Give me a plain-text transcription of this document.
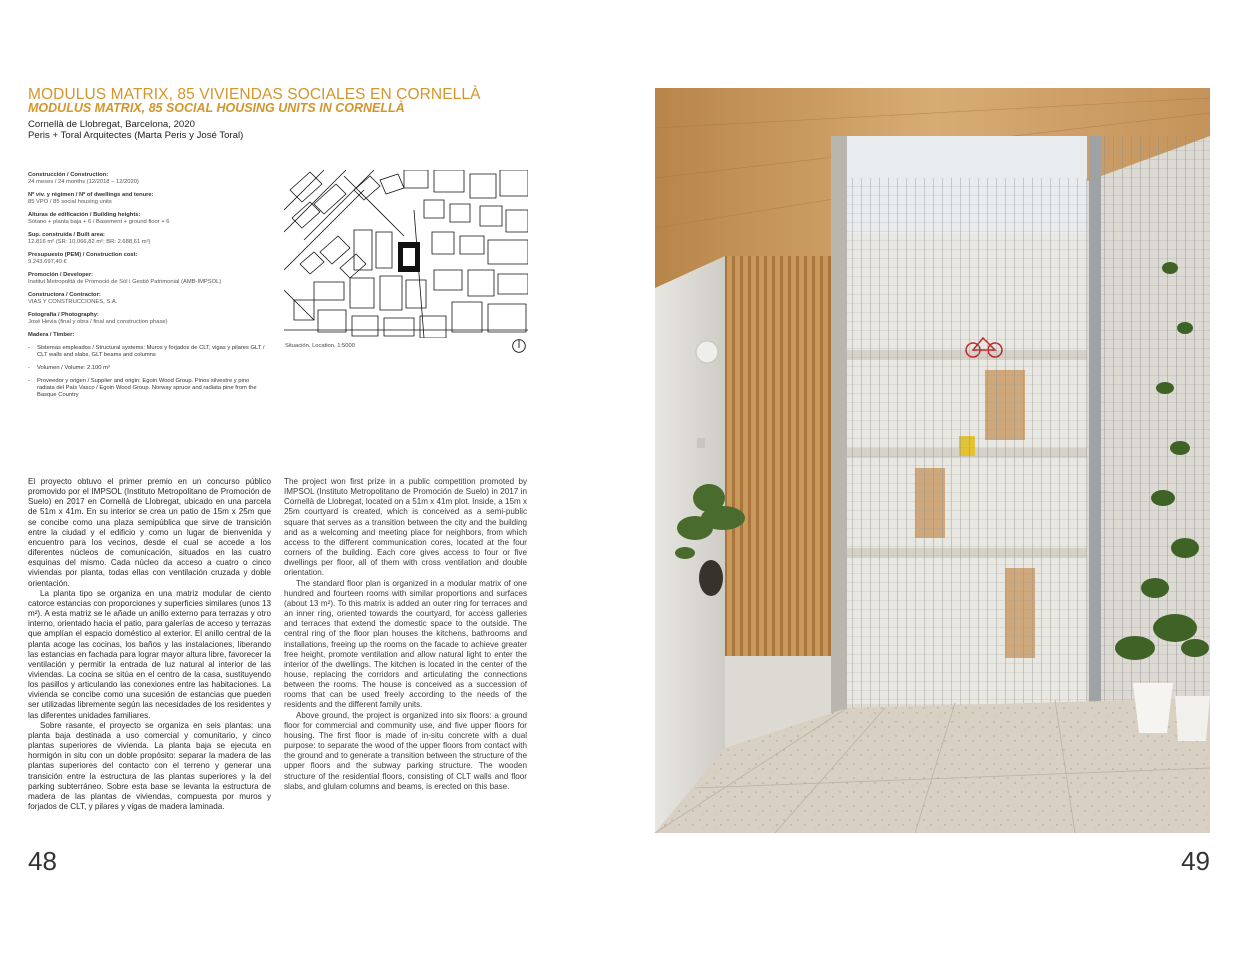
MODULUS MATRIX, 85 VIVIENDAS SOCIALES EN CORNELLÀ
MODULUS MATRIX, 85 SOCIAL HOUSING UNITS IN CORNELLÀ
Cornellà de Llobregat, Barcelona, 2020
Peris + Toral Arquitectes (Marta Peris y José Toral)
Construcción / Construction:
24 meses / 24 months (12/2018 – 12/2020)
Nº viv. y régimen / Nº of dwellings and tenure:
85 VPO / 85 social housing units
Alturas de edificación / Building heights:
Sótano + planta baja + 6 / Basement + ground floor + 6
Sup. construida / Built area:
12.816 m² (SR: 10.066,82 m²; BR: 2.688,61 m²)
Presupuesto (PEM) / Construction cost:
9.243.697,40 €
Promoción / Developer:
Institut Metropolità de Promoció de Sòl i Gestió Patrimonial (AMB-IMPSOL)
Constructora / Contractor:
VIAS Y CONSTRUCCIONES, S.A.
Fotografía / Photography:
José Hevia (final y obra / final and construction phase)
Madera / Timber:
- Sistemas empleados / Structural systems: Muros y forjados de CLT, vigas y pilares GLT / CLT walls and slabs, GLT beams and columns
- Volumen / Volume: 2.100 m³
- Proveedor y origen / Supplier and origin: Egoin Wood Group. Pinos silvestre y pino radiata del País Vasco / Egoin Wood Group. Norway spruce and radiata pine from the Basque Country
Situación. Location. 1:5000

El proyecto obtuvo el primer premio en un concurso público promovido por el IMPSOL (Instituto Metropolitano de Promoción de Suelo) en 2017 en Cornellà de Llobregat, ubicado en una parcela de 51m x 41m. En su interior se crea un patio de 15m x 25m que se concibe como una plaza semipública que sirve de transición entre la ciudad y el edificio y como un lugar de bienvenida y encuentro para los vecinos, desde el cual se accede a los diferentes núcleos de comunicación, situados en las cuatro esquinas del mismo. Cada núcleo da acceso a cuatro o cinco viviendas por planta, todas ellas con ventilación cruzada y doble orientación.

La planta tipo se organiza en una matriz modular de ciento catorce estancias con proporciones y superficies similares (unos 13 m²). A esta matriz se le añade un anillo externo para terrazas y otro interno, orientado hacia el patio, para galerías de acceso y terrazas que amplían el espacio doméstico al exterior. El anillo central de la planta acoge las cocinas, los baños y las instalaciones, liberando las estancias en fachada para lograr mayor altura libre, favorecer la ventilación y permitir la entrada de luz natural al interior de las viviendas. La cocina se sitúa en el centro de la casa, sustituyendo los pasillos y articulando las conexiones entre las habitaciones. La vivienda se concibe como una sucesión de estancias que pueden ser utilizadas libremente según las necesidades de los residentes y las diferentes unidades familiares.

Sobre rasante, el proyecto se organiza en seis plantas: una planta baja destinada a uso comercial y comunitario, y cinco plantas superiores de vivienda. La planta baja se ejecuta en hormigón in situ con un doble propósito: separar la madera de las plantas superiores del contacto con el terreno y generar una transición entre la estructura de las plantas superiores y la del parking subterráneo. Sobre esta base se levanta la estructura de madera de las plantas de viviendas, compuesta por muros y forjados de CLT, y pilares y vigas de madera laminada.

The project won first prize in a public competition promoted by IMPSOL (Instituto Metropolitano de Promoción de Suelo) in 2017 in Cornellà de Llobregat, located on a 51m x 41m plot. Inside, a 15m x 25m courtyard is created, which is conceived as a semi-public square that serves as a transition between the city and the building and as a welcoming and meeting place for neighbors, from which access to the different communication cores, located at the four corners of the building. Each core gives access to four or five dwellings per floor, all of them with cross ventilation and double orientation.

The standard floor plan is organized in a modular matrix of one hundred and fourteen rooms with similar proportions and surfaces (about 13 m²). To this matrix is added an outer ring for terraces and an inner ring, oriented towards the courtyard, for access galleries and terraces that extend the domestic space to the outside. The central ring of the floor plan houses the kitchens, bathrooms and installations, freeing up the rooms on the facade to achieve greater free height, promote ventilation and allow natural light to enter the interior of the dwellings. The kitchen is located in the center of the house, replacing the corridors and articulating the connections between the rooms. The house is conceived as a succession of rooms that can be used freely according to the needs of the residents and the different family units.

Above ground, the project is organized into six floors: a ground floor for commercial and community use, and five upper floors for housing. The first floor is made of in-situ concrete with a dual purpose: to separate the wood of the upper floors from contact with the ground and to generate a transition between the structure of the upper floors and the subway parking structure. The wooden structure of the residential floors, consisting of CLT walls and floor slabs, and glulam columns and beams, is erected on this base.

48	49
